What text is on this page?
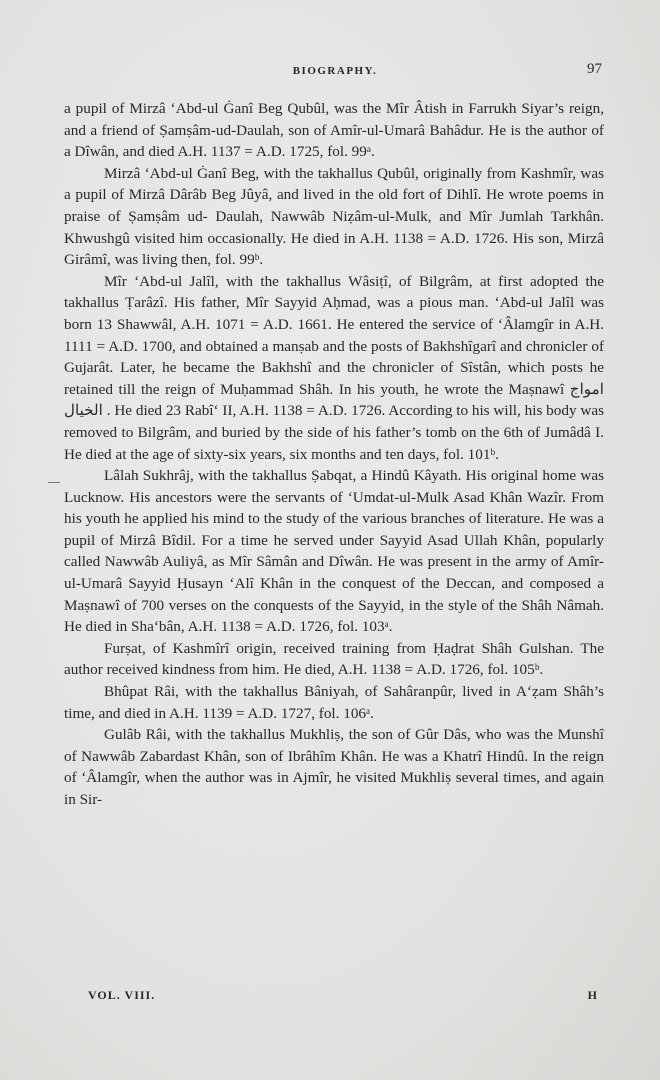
BIOGRAPHY.	97

a pupil of Mirzâ ‘Abd-ul Ġanî Beg Qubûl, was the Mîr Âtish in Farrukh Siyar’s reign, and a friend of Ṣamṣâm-ud-Daulah, son of Amîr-ul-Umarâ Bahâdur. He is the author of a Dîwân, and died A.H. 1137 = A.D. 1725, fol. 99ᵃ.

Mirzâ ‘Abd-ul Ġanî Beg, with the takhallus Qubûl, originally from Kashmîr, was a pupil of Mirzâ Dârâb Beg Jûyâ, and lived in the old fort of Dihlî. He wrote poems in praise of Ṣamṣâm ud- Daulah, Nawwâb Niẓâm-ul-Mulk, and Mîr Jumlah Tarkhân. Khwushgû visited him occasionally. He died in A.H. 1138 = A.D. 1726. His son, Mirzâ Girâmî, was living then, fol. 99ᵇ.

Mîr ‘Abd-ul Jalîl, with the takhallus Wâsiṭî, of Bilgrâm, at first adopted the takhallus Ṭarâzî. His father, Mîr Sayyid Aḥmad, was a pious man. ‘Abd-ul Jalîl was born 13 Shawwâl, A.H. 1071 = A.D. 1661. He entered the service of ‘Âlamgîr in A.H. 1111 = A.D. 1700, and obtained a manṣab and the posts of Bakhshîgarî and chronicler of Gujarât. Later, he became the Bakhshî and the chronicler of Sîstân, which posts he retained till the reign of Muḥammad Shâh. In his youth, he wrote the Maṣnawî امواج الخيال . He died 23 Rabî‘ II, A.H. 1138 = A.D. 1726. According to his will, his body was removed to Bilgrâm, and buried by the side of his father’s tomb on the 6th of Jumâdâ I. He died at the age of sixty-six years, six months and ten days, fol. 101ᵇ.

Lâlah Sukhrâj, with the takhallus Ṣabqat, a Hindû Kâyath. His original home was Lucknow. His ancestors were the servants of ‘Umdat-ul-Mulk Asad Khân Wazîr. From his youth he applied his mind to the study of the various branches of literature. He was a pupil of Mirzâ Bîdil. For a time he served under Sayyid Asad Ullah Khân, popularly called Nawwâb Auliyâ, as Mîr Sâmân and Dîwân. He was present in the army of Amîr-ul-Umarâ Sayyid Ḥusayn ‘Alî Khân in the conquest of the Deccan, and composed a Maṣnawî of 700 verses on the conquests of the Sayyid, in the style of the Shâh Nâmah. He died in Sha‘bân, A.H. 1138 = A.D. 1726, fol. 103ᵃ.

Furṣat, of Kashmîrî origin, received training from Ḥaḍrat Shâh Gulshan. The author received kindness from him. He died, A.H. 1138 = A.D. 1726, fol. 105ᵇ.

Bhûpat Râi, with the takhallus Bâniyah, of Sahâranpûr, lived in A‘ẓam Shâh’s time, and died in A.H. 1139 = A.D. 1727, fol. 106ᵃ.

Gulâb Râi, with the takhallus Mukhliṣ, the son of Gûr Dâs, who was the Munshî of Nawwâb Zabardast Khân, son of Ibrâhîm Khân. He was a Khatrî Hindû. In the reign of ‘Âlamgîr, when the author was in Ajmîr, he visited Mukhliṣ several times, and again in Sir-

VOL. VIII.	H
